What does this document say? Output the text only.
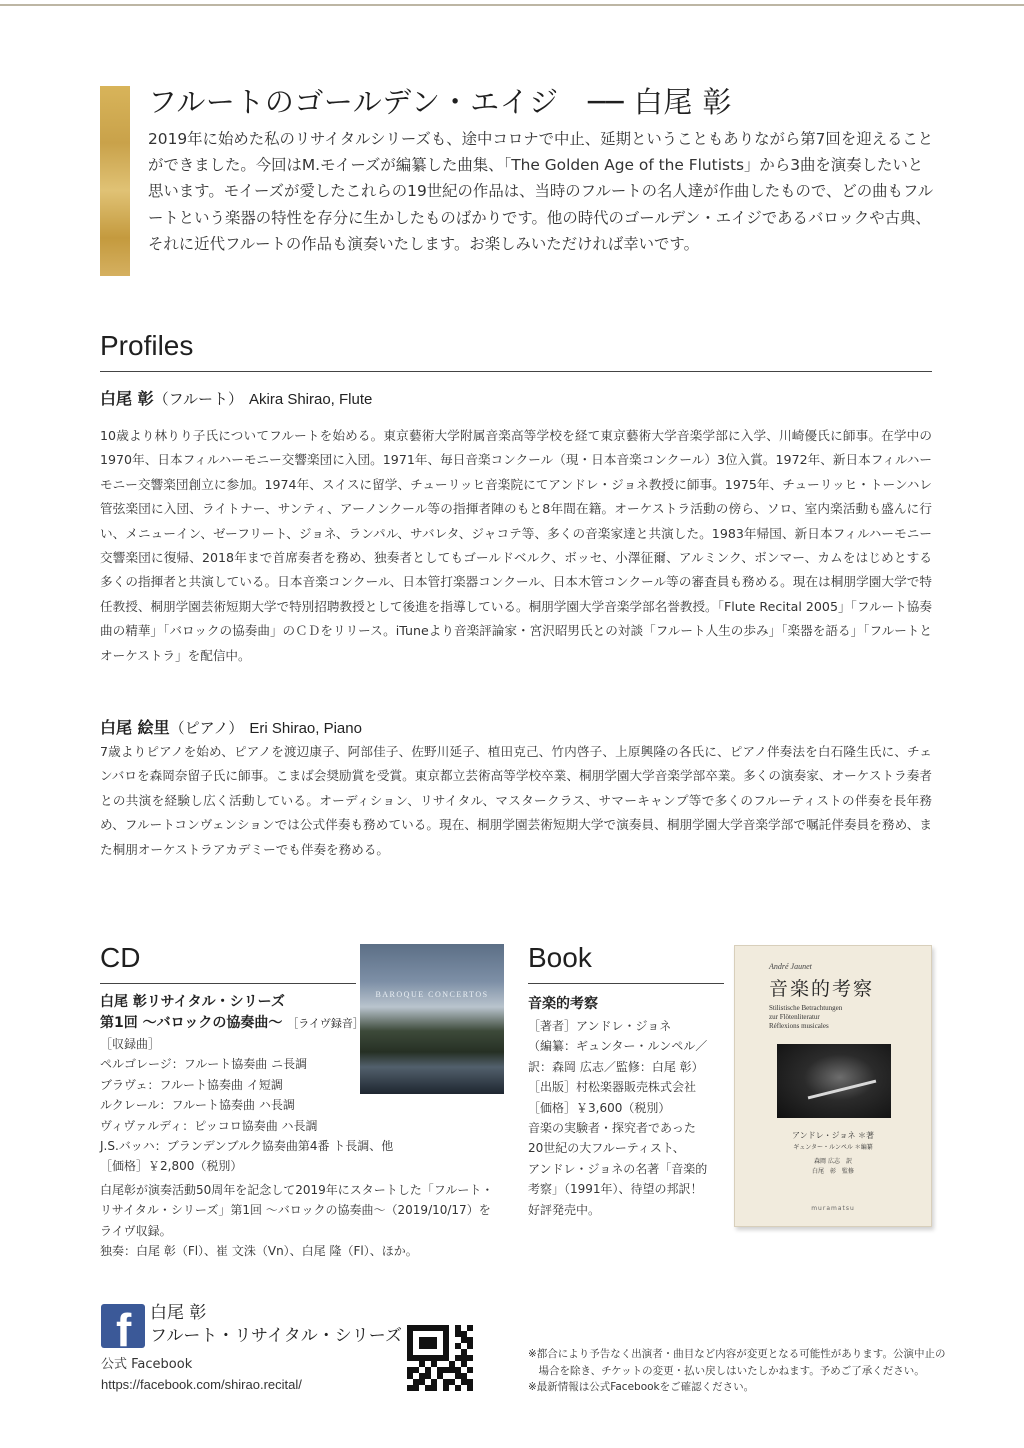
フルートのゴールデン・エイジ　── 白尾 彰

2019年に始めた私のリサイタルシリーズも、途中コロナで中止、延期ということもありながら第7回を迎えることができました。今回はM.モイーズが編纂した曲集、「The Golden Age of the Flutists」から3曲を演奏したいと思います。モイーズが愛したこれらの19世紀の作品は、当時のフルートの名人達が作曲したもので、どの曲もフルートという楽器の特性を存分に生かしたものばかりです。他の時代のゴールデン・エイジであるバロックや古典、それに近代フルートの作品も演奏いたします。お楽しみいただければ幸いです。

Profiles
白尾 彰（フルート） Akira Shirao, Flute

10歳より林りり子氏についてフルートを始める。東京藝術大学附属音楽高等学校を経て東京藝術大学音楽学部に入学、川崎優氏に師事。在学中の1970年、日本フィルハーモニー交響楽団に入団。1971年、毎日音楽コンクール（現・日本音楽コンクール）3位入賞。1972年、新日本フィルハーモニー交響楽団創立に参加。1974年、スイスに留学、チューリッヒ音楽院にてアンドレ・ジョネ教授に師事。1975年、チューリッヒ・トーンハレ管弦楽団に入団、ライトナー、サンティ、アーノンクール等の指揮者陣のもと8年間在籍。オーケストラ活動の傍ら、ソロ、室内楽活動も盛んに行い、メニューイン、ゼーフリート、ジョネ、ランパル、サバレタ、ジャコテ等、多くの音楽家達と共演した。1983年帰国、新日本フィルハーモニー交響楽団に復帰、2018年まで首席奏者を務め、独奏者としてもゴールドベルク、ボッセ、小澤征爾、アルミンク、ボンマー、カムをはじめとする多くの指揮者と共演している。日本音楽コンクール、日本管打楽器コンクール、日本木管コンクール等の審査員も務める。現在は桐朋学園大学で特任教授、桐朋学園芸術短期大学で特別招聘教授として後進を指導している。桐朋学園大学音楽学部名誉教授。「Flute Recital 2005」「フルート協奏曲の精華」「バロックの協奏曲」のＣＤをリリース。iTuneより音楽評論家・宮沢昭男氏との対談「フルート人生の歩み」「楽器を語る」「フルートとオーケストラ」を配信中。

白尾 絵里（ピアノ） Eri Shirao, Piano

7歳よりピアノを始め、ピアノを渡辺康子、阿部佳子、佐野川延子、植田克己、竹内啓子、上原興隆の各氏に、ピアノ伴奏法を白石隆生氏に、チェンバロを森岡奈留子氏に師事。こまば会奨励賞を受賞。東京都立芸術高等学校卒業、桐朋学園大学音楽学部卒業。多くの演奏家、オーケストラ奏者との共演を経験し広く活動している。オーディション、リサイタル、マスタークラス、サマーキャンプ等で多くのフルーティストの伴奏を長年務め、フルートコンヴェンションでは公式伴奏も務めている。現在、桐朋学園芸術短期大学で演奏員、桐朋学園大学音楽学部で嘱託伴奏員を務め、また桐朋オーケストラアカデミーでも伴奏を務める。

CD
BAROQUE CONCERTOS
白尾 彰リサイタル・シリーズ
第1回 〜バロックの協奏曲〜 ［ライヴ録音］
［収録曲］
ペルゴレージ：フルート協奏曲 ニ長調
ブラヴェ：フルート協奏曲 イ短調
ルクレール：フルート協奏曲 ハ長調
ヴィヴァルディ：ピッコロ協奏曲 ハ長調
J.S.バッハ：ブランデンブルク協奏曲第4番 ト長調、他
［価格］￥2,800（税別）
白尾彰が演奏活動50周年を記念して2019年にスタートした「フルート・リサイタル・シリーズ」第1回 〜バロックの協奏曲〜（2019/10/17）をライヴ収録。
独奏：白尾 彰（Fl）、崔 文洙（Vn）、白尾 隆（Fl）、ほか。
Book
音楽的考察
［著者］アンドレ・ジョネ
（編纂：ギュンター・ルンペル／
訳：森岡 広志／監修：白尾 彰）
［出版］村松楽器販売株式会社
［価格］￥3,600（税別）
音楽の実験者・探究者であった
20世紀の大フルーティスト、
アンドレ・ジョネの名著「音楽的
考察」（1991年）、待望の邦訳！
好評発売中。
André Jaunet
音楽的考察
Stilistische Betrachtungen
zur Flötenliteratur
Réflexions musicales
アンドレ・ジョネ ＊著
ギュンター・ルンペル ＊編纂
森岡 広志　訳
白尾　彰　監修
muramatsu
f 白尾 彰
フルート・リサイタル・シリーズ
公式 Facebook
https://facebook.com/shirao.recital/
※都合により予告なく出演者・曲目など内容が変更となる可能性があります。公演中止の
　場合を除き、チケットの変更・払い戻しはいたしかねます。予めご了承ください。
※最新情報は公式Facebookをご確認ください。
